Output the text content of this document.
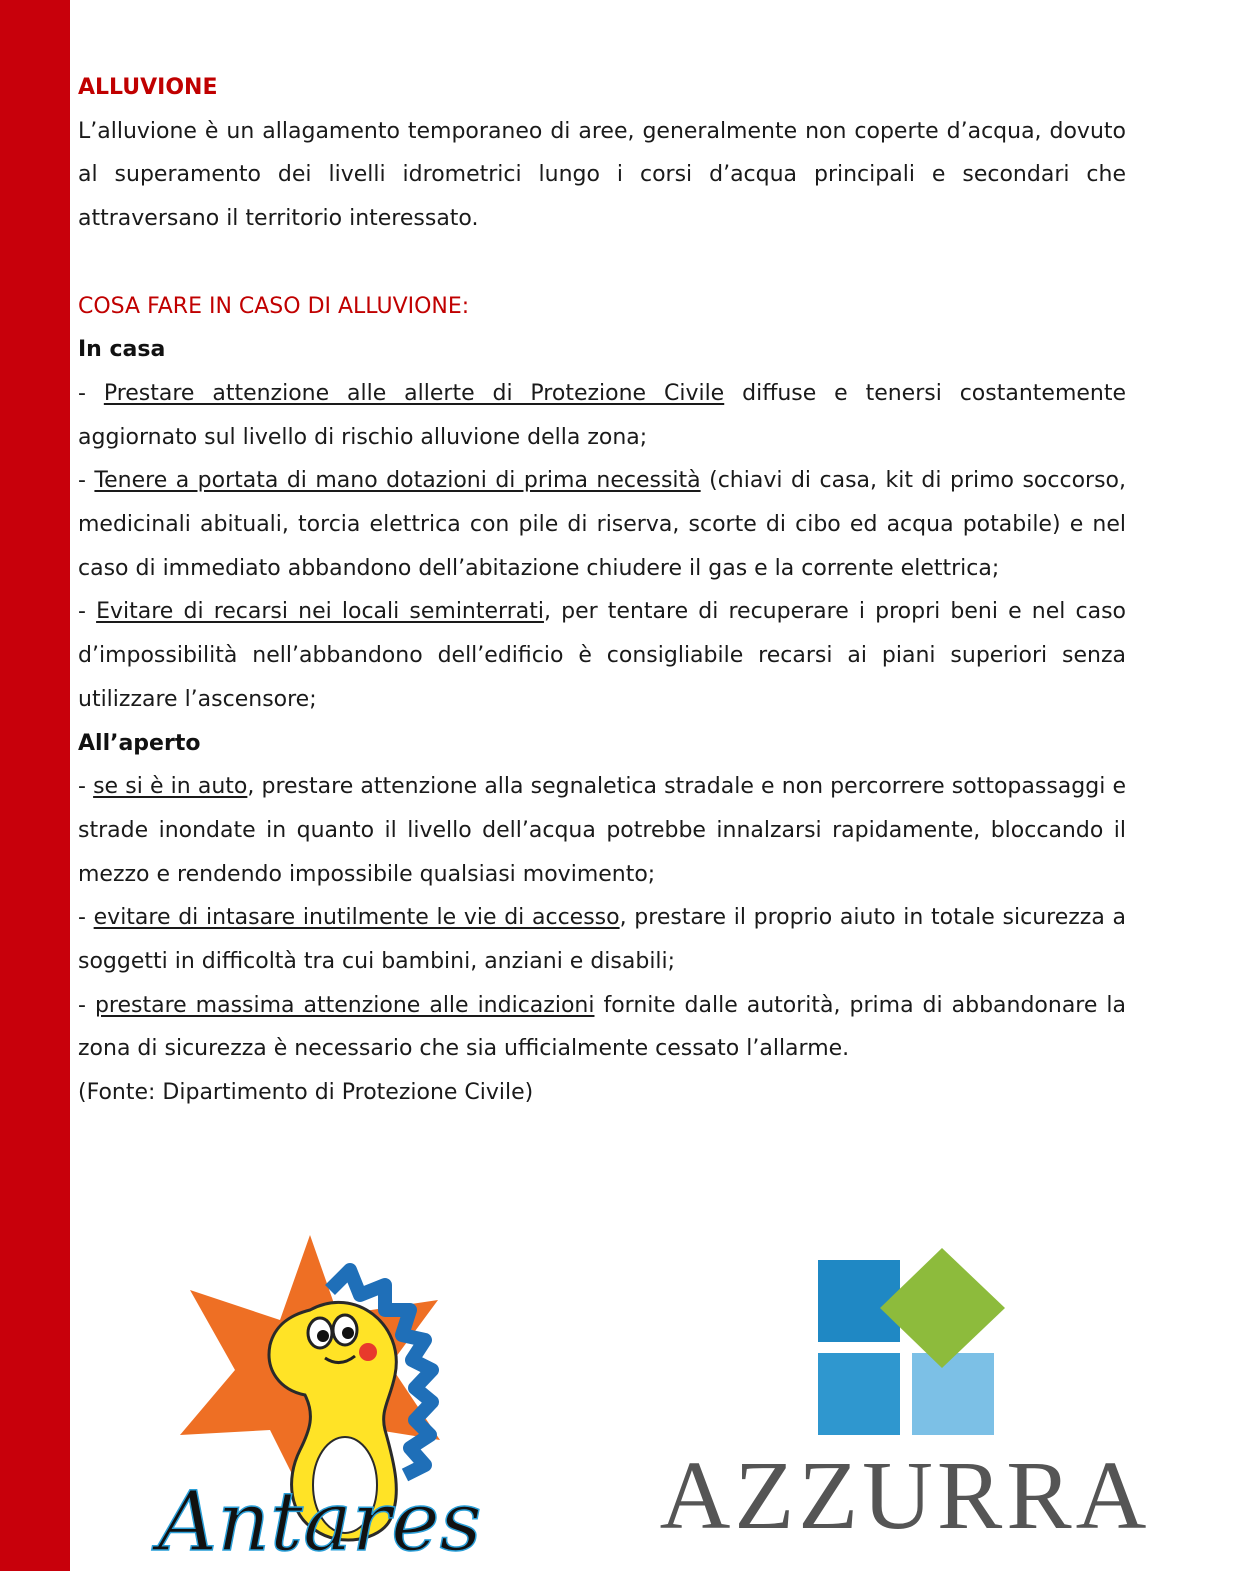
ALLUVIONE

L’alluvione è un allagamento temporaneo di aree, generalmente non coperte d’acqua, dovuto al superamento dei livelli idrometrici lungo i corsi d’acqua principali e secondari che attraversano il territorio interessato.

COSA FARE IN CASO DI ALLUVIONE:

In casa

- Prestare attenzione alle allerte di Protezione Civile diffuse e tenersi costantemente aggiornato sul livello di rischio alluvione della zona;

- Tenere a portata di mano dotazioni di prima necessità (chiavi di casa, kit di primo soccorso, medicinali abituali, torcia elettrica con pile di riserva, scorte di cibo ed acqua potabile) e nel caso di immediato abbandono dell’abitazione chiudere il gas e la corrente elettrica;

- Evitare di recarsi nei locali seminterrati, per tentare di recuperare i propri beni e nel caso d’impossibilità nell’abbandono dell’edificio è consigliabile recarsi ai piani superiori senza utilizzare l’ascensore;

All’aperto

- se si è in auto, prestare attenzione alla segnaletica stradale e non percorrere sottopassaggi e strade inondate in quanto il livello dell’acqua potrebbe innalzarsi rapidamente, bloccando il mezzo e rendendo impossibile qualsiasi movimento;

- evitare di intasare inutilmente le vie di accesso, prestare il proprio aiuto in totale sicurezza a soggetti in difficoltà tra cui bambini, anziani e disabili;

- prestare massima attenzione alle indicazioni fornite dalle autorità, prima di abbandonare la zona di sicurezza è necessario che sia ufficialmente cessato l’allarme.

(Fonte: Dipartimento di Protezione Civile)

Antares AZZURRA
